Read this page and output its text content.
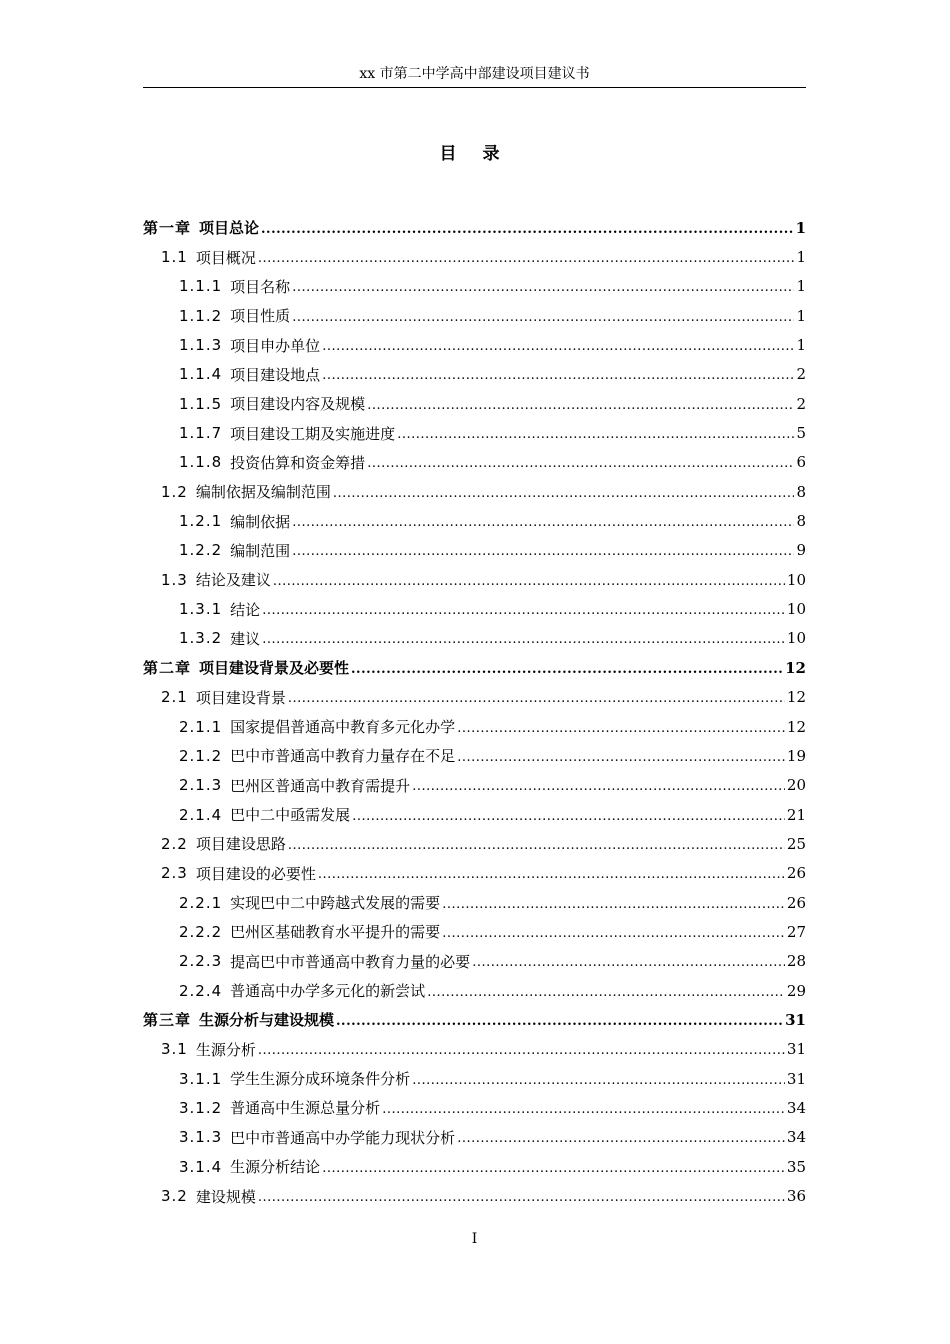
xx 市第二中学高中部建设项目建议书
目 录
第一章 项目总论 .....	1
1.1 项目概况 .....	1
1.1.1 项目名称 .....	1
1.1.2 项目性质 .....	1
1.1.3 项目申办单位 .....	1
1.1.4 项目建设地点 .....	2
1.1.5 项目建设内容及规模 .....	2
1.1.7 项目建设工期及实施进度 .....	5
1.1.8 投资估算和资金筹措 .....	6
1.2 编制依据及编制范围 .....	8
1.2.1 编制依据 .....	8
1.2.2 编制范围 .....	9
1.3 结论及建议 .....	10
1.3.1 结论 .....	10
1.3.2 建议 .....	10
第二章 项目建设背景及必要性 .....	12
2.1 项目建设背景 .....	12
2.1.1 国家提倡普通高中教育多元化办学 .....	12
2.1.2 巴中市普通高中教育力量存在不足 .....	19
2.1.3 巴州区普通高中教育需提升 .....	20
2.1.4 巴中二中亟需发展 .....	21
2.2 项目建设思路 .....	25
2.3 项目建设的必要性 .....	26
2.2.1 实现巴中二中跨越式发展的需要 .....	26
2.2.2 巴州区基础教育水平提升的需要 .....	27
2.2.3 提高巴中市普通高中教育力量的必要 .....	28
2.2.4 普通高中办学多元化的新尝试 .....	29
第三章 生源分析与建设规模 .....	31
3.1 生源分析 .....	31
3.1.1 学生生源分成环境条件分析 .....	31
3.1.2 普通高中生源总量分析 .....	34
3.1.3 巴中市普通高中办学能力现状分析 .....	34
3.1.4 生源分析结论 .....	35
3.2 建设规模 .....	36
I
